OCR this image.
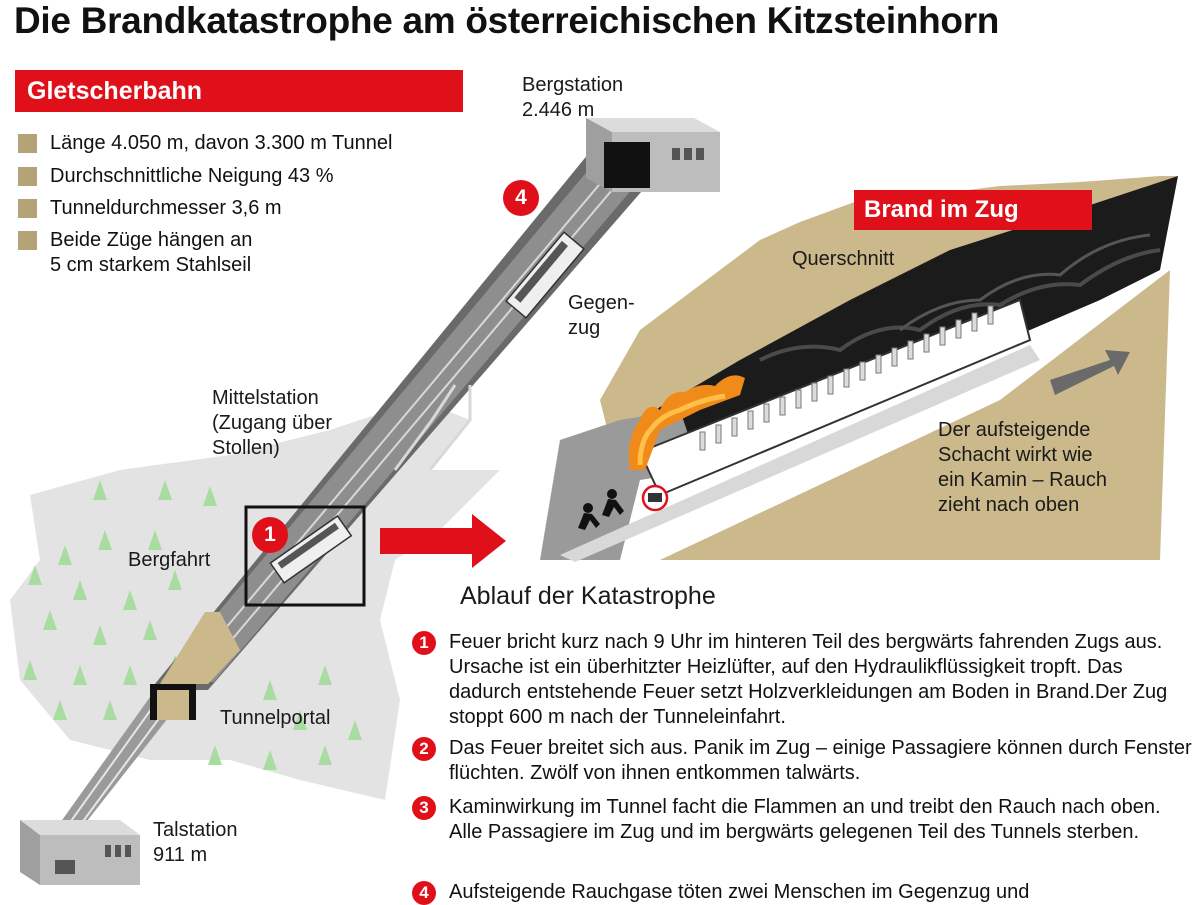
Die Brandkatastrophe am österreichischen Kitzsteinhorn
Gletscherbahn
Länge 4.050 m, davon 3.300 m Tunnel
Durchschnittliche Neigung 43 %
Tunneldurchmesser 3,6 m
Beide Züge hängen an
5 cm starkem Stahlseil
Bergstation
2.446 m
Gegen-
zug
Mittelstation
(Zugang über
Stollen)
Bergfahrt
Tunnelportal
Talstation
911 m
Querschnitt
Der aufsteigende
Schacht wirkt wie
ein Kamin – Rauch
zieht nach oben
Brand im Zug
4
1
Ablauf der Katastrophe
1	Feuer bricht kurz nach 9 Uhr im hinteren Teil des bergwärts fahrenden Zugs aus. Ursache ist ein überhitzter Heizlüfter, auf den Hydraulikflüssigkeit tropft. Das dadurch entstehende Feuer setzt Holzverkleidungen am Boden in Brand.Der Zug stoppt 600 m nach der Tunneleinfahrt.
2	Das Feuer breitet sich aus. Panik im Zug – einige Passagiere können durch Fenster flüchten. Zwölf von ihnen entkommen talwärts.
3	Kaminwirkung im Tunnel facht die Flammen an und treibt den Rauch nach oben. Alle Passagiere im Zug und im bergwärts gelegenen Teil des Tunnels sterben.
4	Aufsteigende Rauchgase töten zwei Menschen im Gegenzug und
